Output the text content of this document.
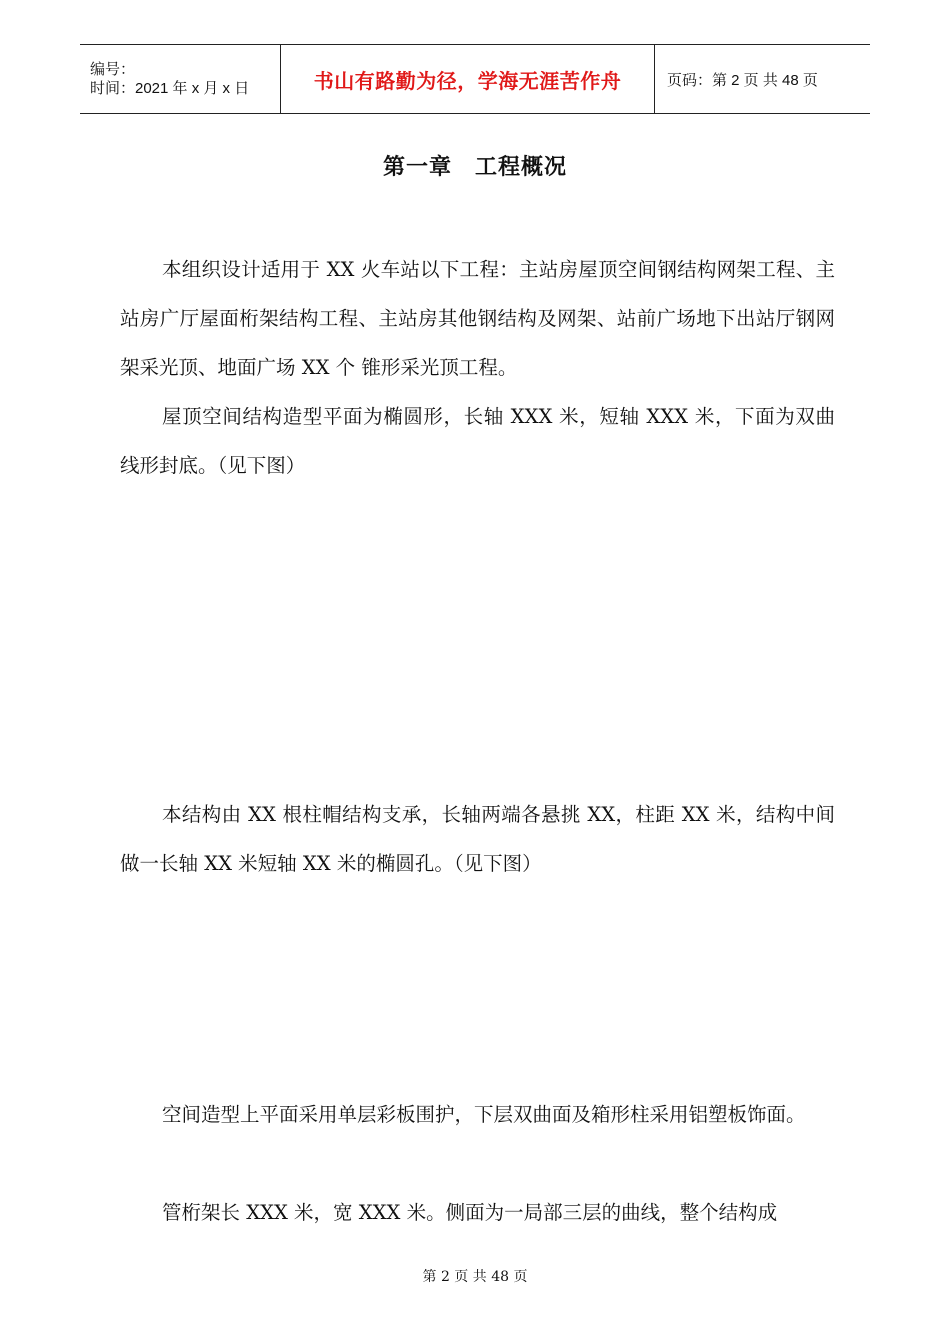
编号：
时间：2021 年 x 月 x 日	书山有路勤为径，学海无涯苦作舟	页码：第 2 页 共 48 页
第一章　工程概况

本组织设计适用于 XX 火车站以下工程：主站房屋顶空间钢结构网架工程、主站房广厅屋面桁架结构工程、主站房其他钢结构及网架、站前广场地下出站厅钢网架采光顶、地面广场 XX 个 锥形采光顶工程。

屋顶空间结构造型平面为椭圆形，长轴 XXX 米，短轴 XXX 米，下面为双曲线形封底。（见下图）

本结构由 XX 根柱帽结构支承，长轴两端各悬挑 XX，柱距 XX 米，结构中间做一长轴 XX 米短轴 XX 米的椭圆孔。（见下图）

空间造型上平面采用单层彩板围护，下层双曲面及箱形柱采用铝塑板饰面。

管桁架长 XXX 米，宽 XXX 米。侧面为一局部三层的曲线，整个结构成

第 2 页 共 48 页
